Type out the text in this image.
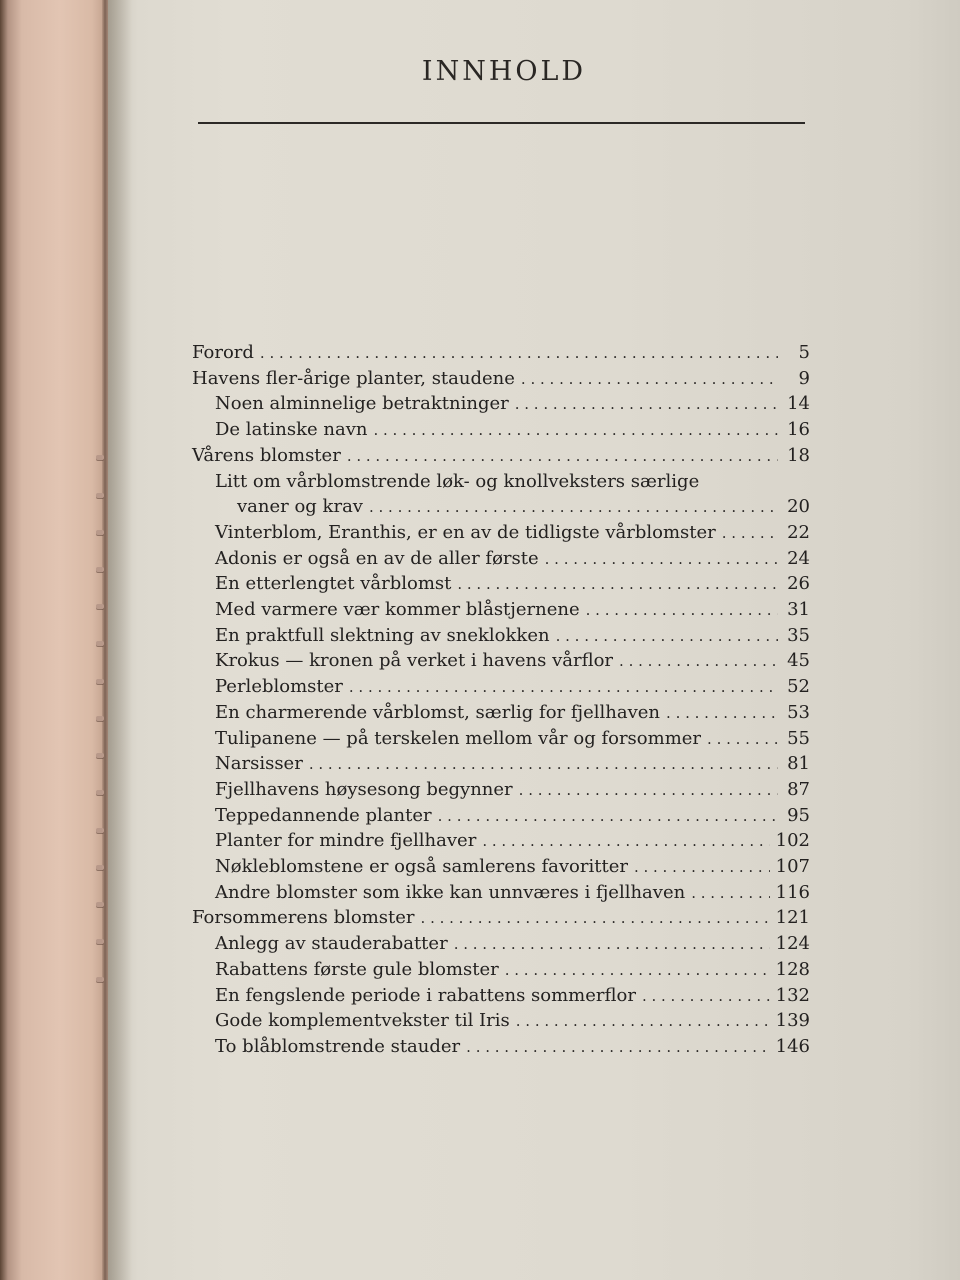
INNHOLD
Forord . . .	5
Havens fler-årige planter, staudene . . .	9
Noen alminnelige betraktninger . . .	14
De latinske navn . . .	16
Vårens blomster . . .	18
Litt om vårblomstrende løk- og knollveksters særlige
vaner og krav . . .	20
Vinterblom, Eranthis, er en av de tidligste vårblomster . . .	22
Adonis er også en av de aller første . . .	24
En etterlengtet vårblomst . . .	26
Med varmere vær kommer blåstjernene . . .	31
En praktfull slektning av sneklokken . . .	35
Krokus — kronen på verket i havens vårflor . . .	45
Perleblomster . . .	52
En charmerende vårblomst, særlig for fjellhaven . . .	53
Tulipanene — på terskelen mellom vår og forsommer . . .	55
Narsisser . . .	81
Fjellhavens høysesong begynner . . .	87
Teppedannende planter . . .	95
Planter for mindre fjellhaver . . .	102
Nøkleblomstene er også samlerens favoritter . . .	107
Andre blomster som ikke kan unnværes i fjellhaven . . .	116
Forsommerens blomster . . .	121
Anlegg av stauderabatter . . .	124
Rabattens første gule blomster . . .	128
En fengslende periode i rabattens sommerflor . . .	132
Gode komplementvekster til Iris . . .	139
To blåblomstrende stauder . . .	146
